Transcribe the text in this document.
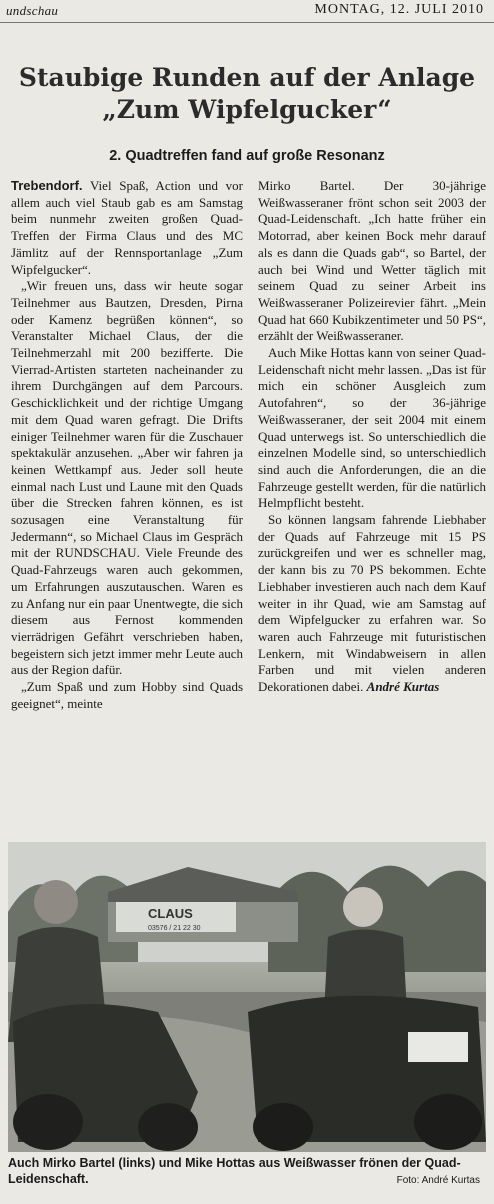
undschau	MONTAG, 12. JULI 2010
Staubige Runden auf der Anlage
„Zum Wipfelgucker“
2. Quadtreffen fand auf große Resonanz

Trebendorf. Viel Spaß, Action und vor allem auch viel Staub gab es am Samstag beim nunmehr zweiten großen Quad-Treffen der Firma Claus und des MC Jämlitz auf der Rennsportanlage „Zum Wipfelgucker“.

„Wir freuen uns, dass wir heute sogar Teilnehmer aus Bautzen, Dresden, Pirna oder Kamenz begrüßen können“, so Veranstalter Michael Claus, der die Teilnehmerzahl mit 200 bezifferte. Die Vierrad-Artisten starteten nacheinander zu ihrem Durchgängen auf dem Parcours. Geschicklichkeit und der richtige Umgang mit dem Quad waren gefragt. Die Drifts einiger Teilnehmer waren für die Zuschauer spektakulär anzusehen. „Aber wir fahren ja keinen Wettkampf aus. Jeder soll heute einmal nach Lust und Laune mit den Quads über die Strecken fahren können, es ist sozusagen eine Veranstaltung für Jedermann“, so Michael Claus im Gespräch mit der RUNDSCHAU. Viele Freunde des Quad-Fahrzeugs waren auch gekommen, um Erfahrungen auszutauschen. Waren es zu Anfang nur ein paar Unentwegte, die sich diesem aus Fernost kommenden vierrädrigen Gefährt verschrieben haben, begeistern sich jetzt immer mehr Leute auch aus der Region dafür.

„Zum Spaß und zum Hobby sind Quads geeignet“, meinte

Mirko Bartel. Der 30-jährige Weißwasseraner frönt schon seit 2003 der Quad-Leidenschaft. „Ich hatte früher ein Motorrad, aber keinen Bock mehr darauf als es dann die Quads gab“, so Bartel, der auch bei Wind und Wetter täglich mit seinem Quad zu seiner Arbeit ins Weißwasseraner Polizeirevier fährt. „Mein Quad hat 660 Kubikzentimeter und 50 PS“, erzählt der Weißwasseraner.

Auch Mike Hottas kann von seiner Quad-Leidenschaft nicht mehr lassen. „Das ist für mich ein schöner Ausgleich zum Autofahren“, so der 36-jährige Weißwasseraner, der seit 2004 mit einem Quad unterwegs ist. So unterschiedlich die einzelnen Modelle sind, so unterschiedlich sind auch die Anforderungen, die an die Fahrzeuge gestellt werden, für die natürlich Helmpflicht besteht.

So können langsam fahrende Liebhaber der Quads auf Fahrzeuge mit 15 PS zurückgreifen und wer es schneller mag, der kann bis zu 70 PS bekommen. Echte Liebhaber investieren auch nach dem Kauf weiter in ihr Quad, wie am Samstag auf dem Wipfelgucker zu erfahren war. So waren auch Fahrzeuge mit futuristischen Lenkern, mit Windabweisern in allen Farben und mit vielen anderen Dekorationen dabei. André Kurtas

CLAUS
03576 / 21 22 30
Auch Mirko Bartel (links) und Mike Hottas aus Weißwasser frönen der Quad-Leidenschaft.	Foto: André Kurtas
